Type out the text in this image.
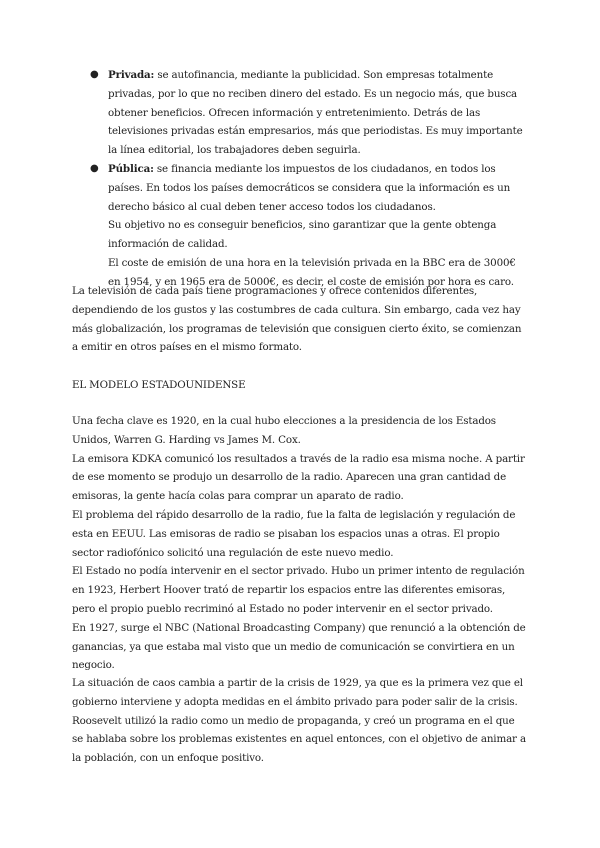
● Privada: se autofinancia, mediante la publicidad. Son empresas totalmente privadas, por lo que no reciben dinero del estado. Es un negocio más, que busca obtener beneficios. Ofrecen información y entretenimiento. Detrás de las televisiones privadas están empresarios, más que periodistas. Es muy importante la línea editorial, los trabajadores deben seguirla.
● Pública: se financia mediante los impuestos de los ciudadanos, en todos los países. En todos los países democráticos se considera que la información es un derecho básico al cual deben tener acceso todos los ciudadanos.
Su objetivo no es conseguir beneficios, sino garantizar que la gente obtenga información de calidad.
El coste de emisión de una hora en la televisión privada en la BBC era de 3000€ en 1954, y en 1965 era de 5000€, es decir, el coste de emisión por hora es caro.

La televisión de cada país tiene programaciones y ofrece contenidos diferentes, dependiendo de los gustos y las costumbres de cada cultura. Sin embargo, cada vez hay más globalización, los programas de televisión que consiguen cierto éxito, se comienzan a emitir en otros países en el mismo formato.

EL MODELO ESTADOUNIDENSE

Una fecha clave es 1920, en la cual hubo elecciones a la presidencia de los Estados Unidos, Warren G. Harding vs James M. Cox.
La emisora KDKA comunicó los resultados a través de la radio esa misma noche. A partir de ese momento se produjo un desarrollo de la radio. Aparecen una gran cantidad de emisoras, la gente hacía colas para comprar un aparato de radio.
El problema del rápido desarrollo de la radio, fue la falta de legislación y regulación de esta en EEUU. Las emisoras de radio se pisaban los espacios unas a otras. El propio sector radiofónico solicitó una regulación de este nuevo medio.
El Estado no podía intervenir en el sector privado. Hubo un primer intento de regulación en 1923, Herbert Hoover trató de repartir los espacios entre las diferentes emisoras, pero el propio pueblo recriminó al Estado no poder intervenir en el sector privado.
En 1927, surge el NBC (National Broadcasting Company) que renunció a la obtención de ganancias, ya que estaba mal visto que un medio de comunicación se convirtiera en un negocio.

La situación de caos cambia a partir de la crisis de 1929, ya que es la primera vez que el gobierno interviene y adopta medidas en el ámbito privado para poder salir de la crisis. Roosevelt utilizó la radio como un medio de propaganda, y creó un programa en el que se hablaba sobre los problemas existentes en aquel entonces, con el objetivo de animar a la población, con un enfoque positivo.
